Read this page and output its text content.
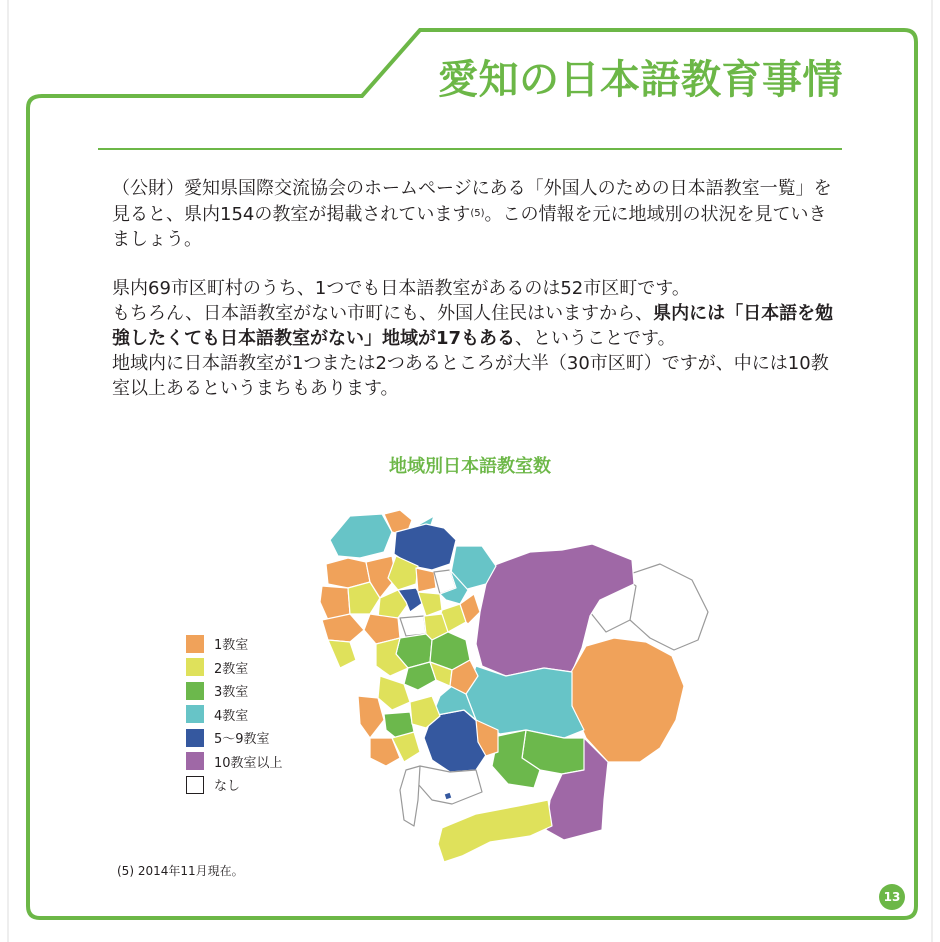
愛知の日本語教育事情

（公財）愛知県国際交流協会のホームページにある「外国人のための日本語教室一覧」を見ると、県内154の教室が掲載されています$^{(5)}$。この情報を元に地域別の状況を見ていきましょう。

県内69市区町村のうち、1つでも日本語教室があるのは52市区町です。

もちろん、日本語教室がない市町にも、外国人住民はいますから、県内には「日本語を勉強したくても日本語教室がない」地域が17もある、ということです。

地域内に日本語教室が1つまたは2つあるところが大半（30市区町）ですが、中には10教室以上あるというまちもあります。

地域別日本語教室数
1教室
2教室
3教室
4教室
5〜9教室
10教室以上
なし
(5) 2014年11月現在。
13
